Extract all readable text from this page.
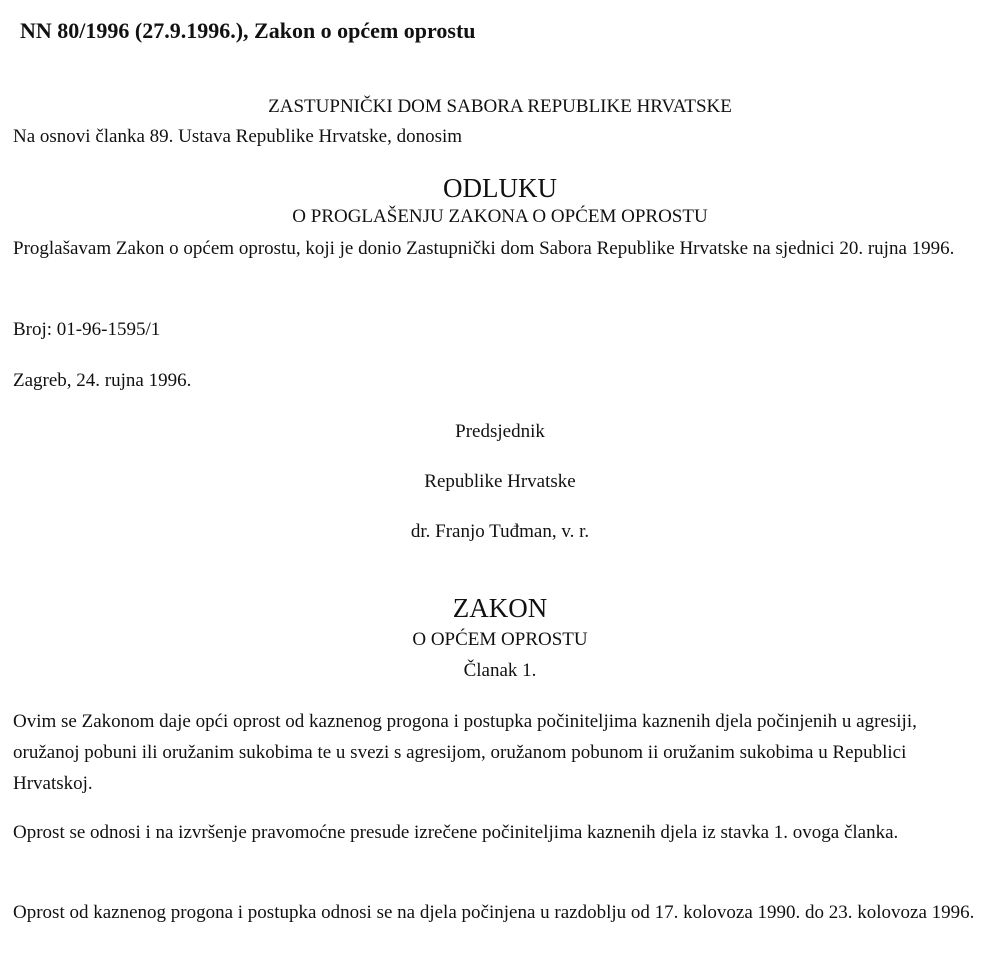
NN 80/1996 (27.9.1996.), Zakon o općem oprostu
ZASTUPNIČKI DOM SABORA REPUBLIKE HRVATSKE
Na osnovi članka 89. Ustava Republike Hrvatske, donosim
ODLUKU
O PROGLAŠENJU ZAKONA O OPĆEM OPROSTU
Proglašavam Zakon o općem oprostu, koji je donio Zastupnički dom Sabora Republike Hrvatske na sjednici 20. rujna 1996.
Broj: 01-96-1595/1
Zagreb, 24. rujna 1996.
Predsjednik
Republike Hrvatske
dr. Franjo Tuđman, v. r.
ZAKON
O OPĆEM OPROSTU
Članak 1.
Ovim se Zakonom daje opći oprost od kaznenog progona i postupka počiniteljima kaznenih djela počinjenih u agresiji, oružanoj pobuni ili oružanim sukobima te u svezi s agresijom, oružanom pobunom ii oružanim sukobima u Republici Hrvatskoj.
Oprost se odnosi i na izvršenje pravomoćne presude izrečene počiniteljima kaznenih djela iz stavka 1. ovoga članka.
Oprost od kaznenog progona i postupka odnosi se na djela počinjena u razdoblju od 17. kolovoza 1990. do 23. kolovoza 1996.
